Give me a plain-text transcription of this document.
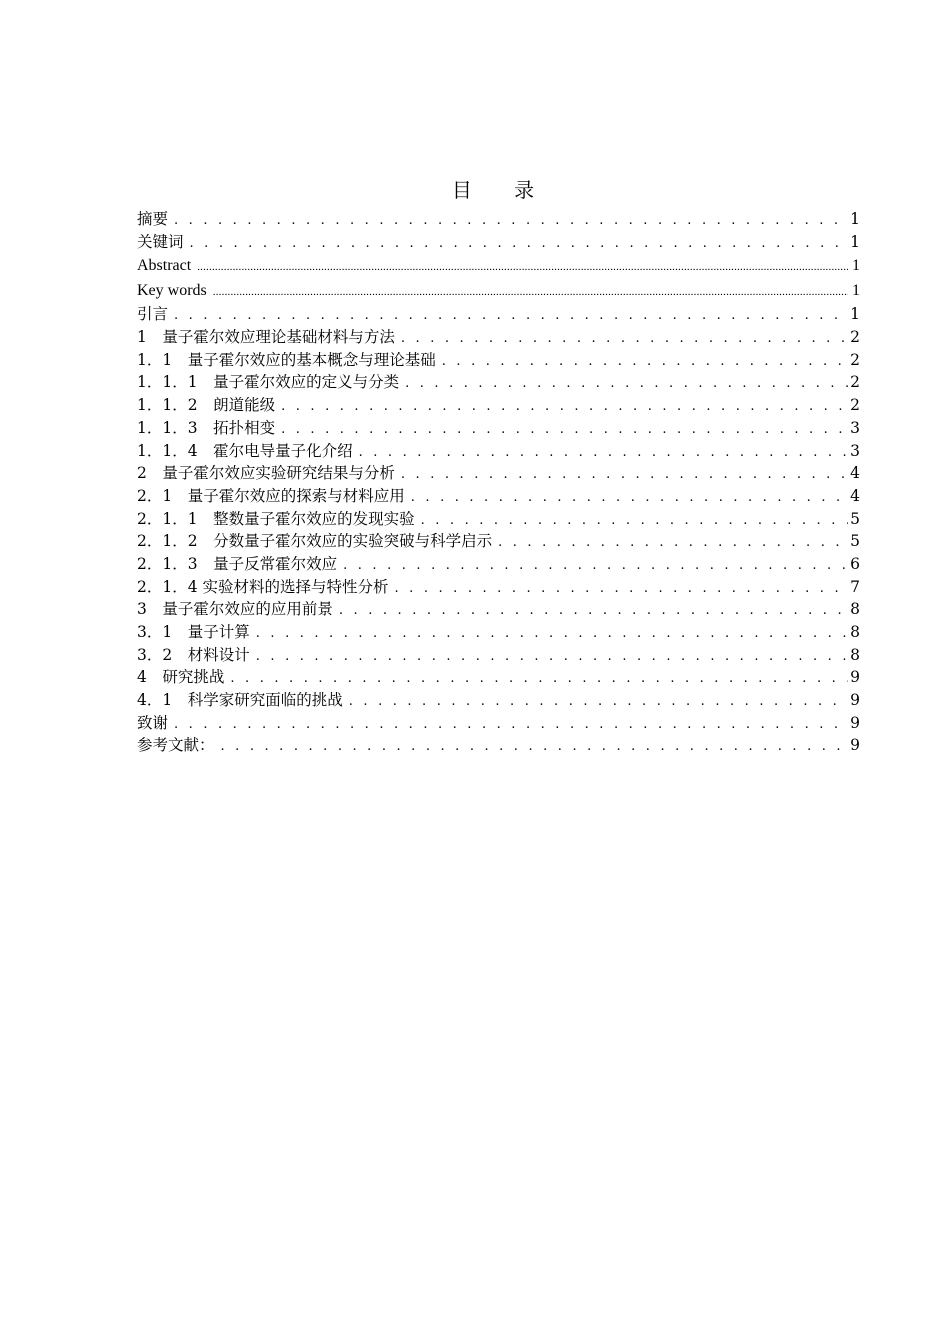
目 录
摘要 . . .	1
关键词 . . .	1
Abstract .....	1
Key words .....	1
引言 . . .	1
1　量子霍尔效应理论基础材料与方法 . . .	2
1．1　量子霍尔效应的基本概念与理论基础 . . .	2
1．1．1　量子霍尔效应的定义与分类 . . .	2
1．1．2　朗道能级 . . .	2
1．1．3　拓扑相变 . . .	3
1．1．4　霍尔电导量子化介绍 . . .	3
2　量子霍尔效应实验研究结果与分析 . . .	4
2．1　量子霍尔效应的探索与材料应用 . . .	4
2．1．1　整数量子霍尔效应的发现实验 . . .	5
2．1．2　分数量子霍尔效应的实验突破与科学启示 . . .	5
2．1．3　量子反常霍尔效应 . . .	6
2．1．4 实验材料的选择与特性分析 . . .	7
3　量子霍尔效应的应用前景 . . .	8
3．1　量子计算 . . .	8
3．2　材料设计 . . .	8
4　研究挑战 . . .	9
4．1　科学家研究面临的挑战 . . .	9
致谢 . . .	9
参考文献： . . .	9
